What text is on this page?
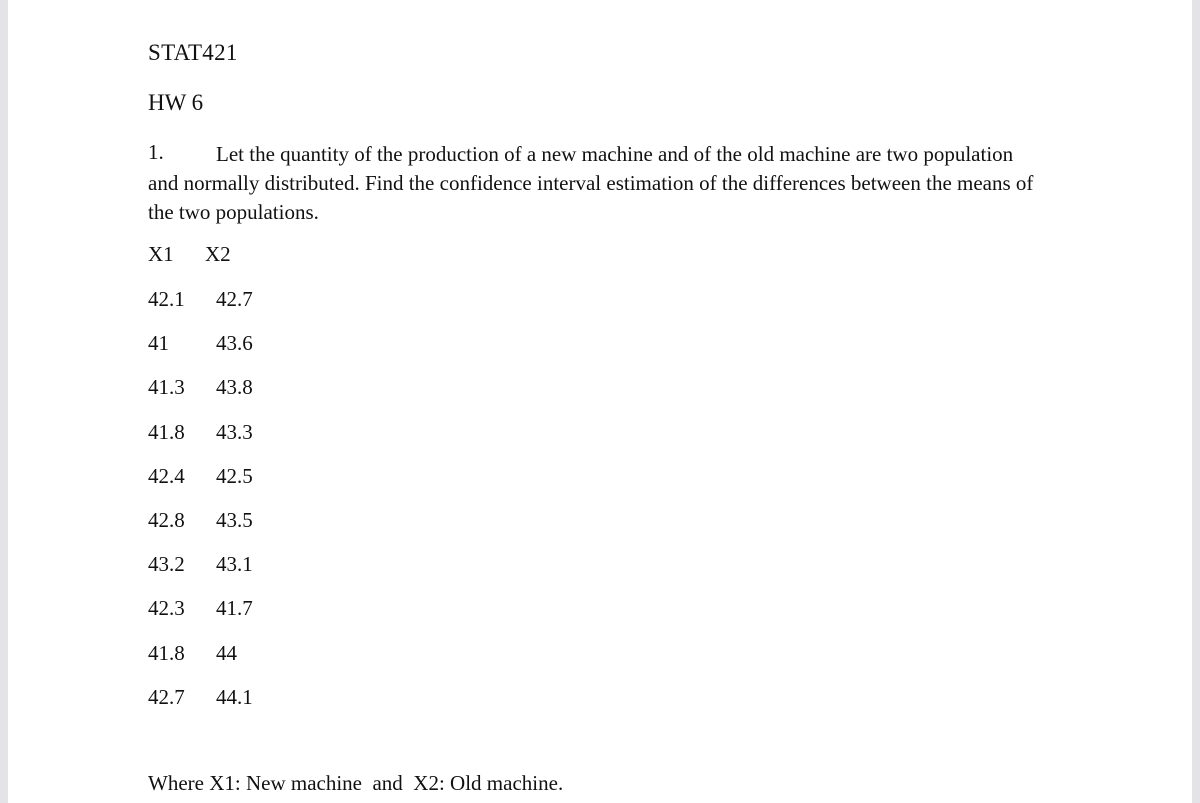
STAT421
HW 6
1.	Let the quantity of the production of a new machine and of the old machine are two population and normally distributed. Find the confidence interval estimation of the differences between the means of the two populations.
X1 X2
42.1 42.7
41 43.6
41.3 43.8
41.8 43.3
42.4 42.5
42.8 43.5
43.2 43.1
42.3 41.7
41.8 44
42.7 44.1
Where X1: New machine  and  X2: Old machine.
